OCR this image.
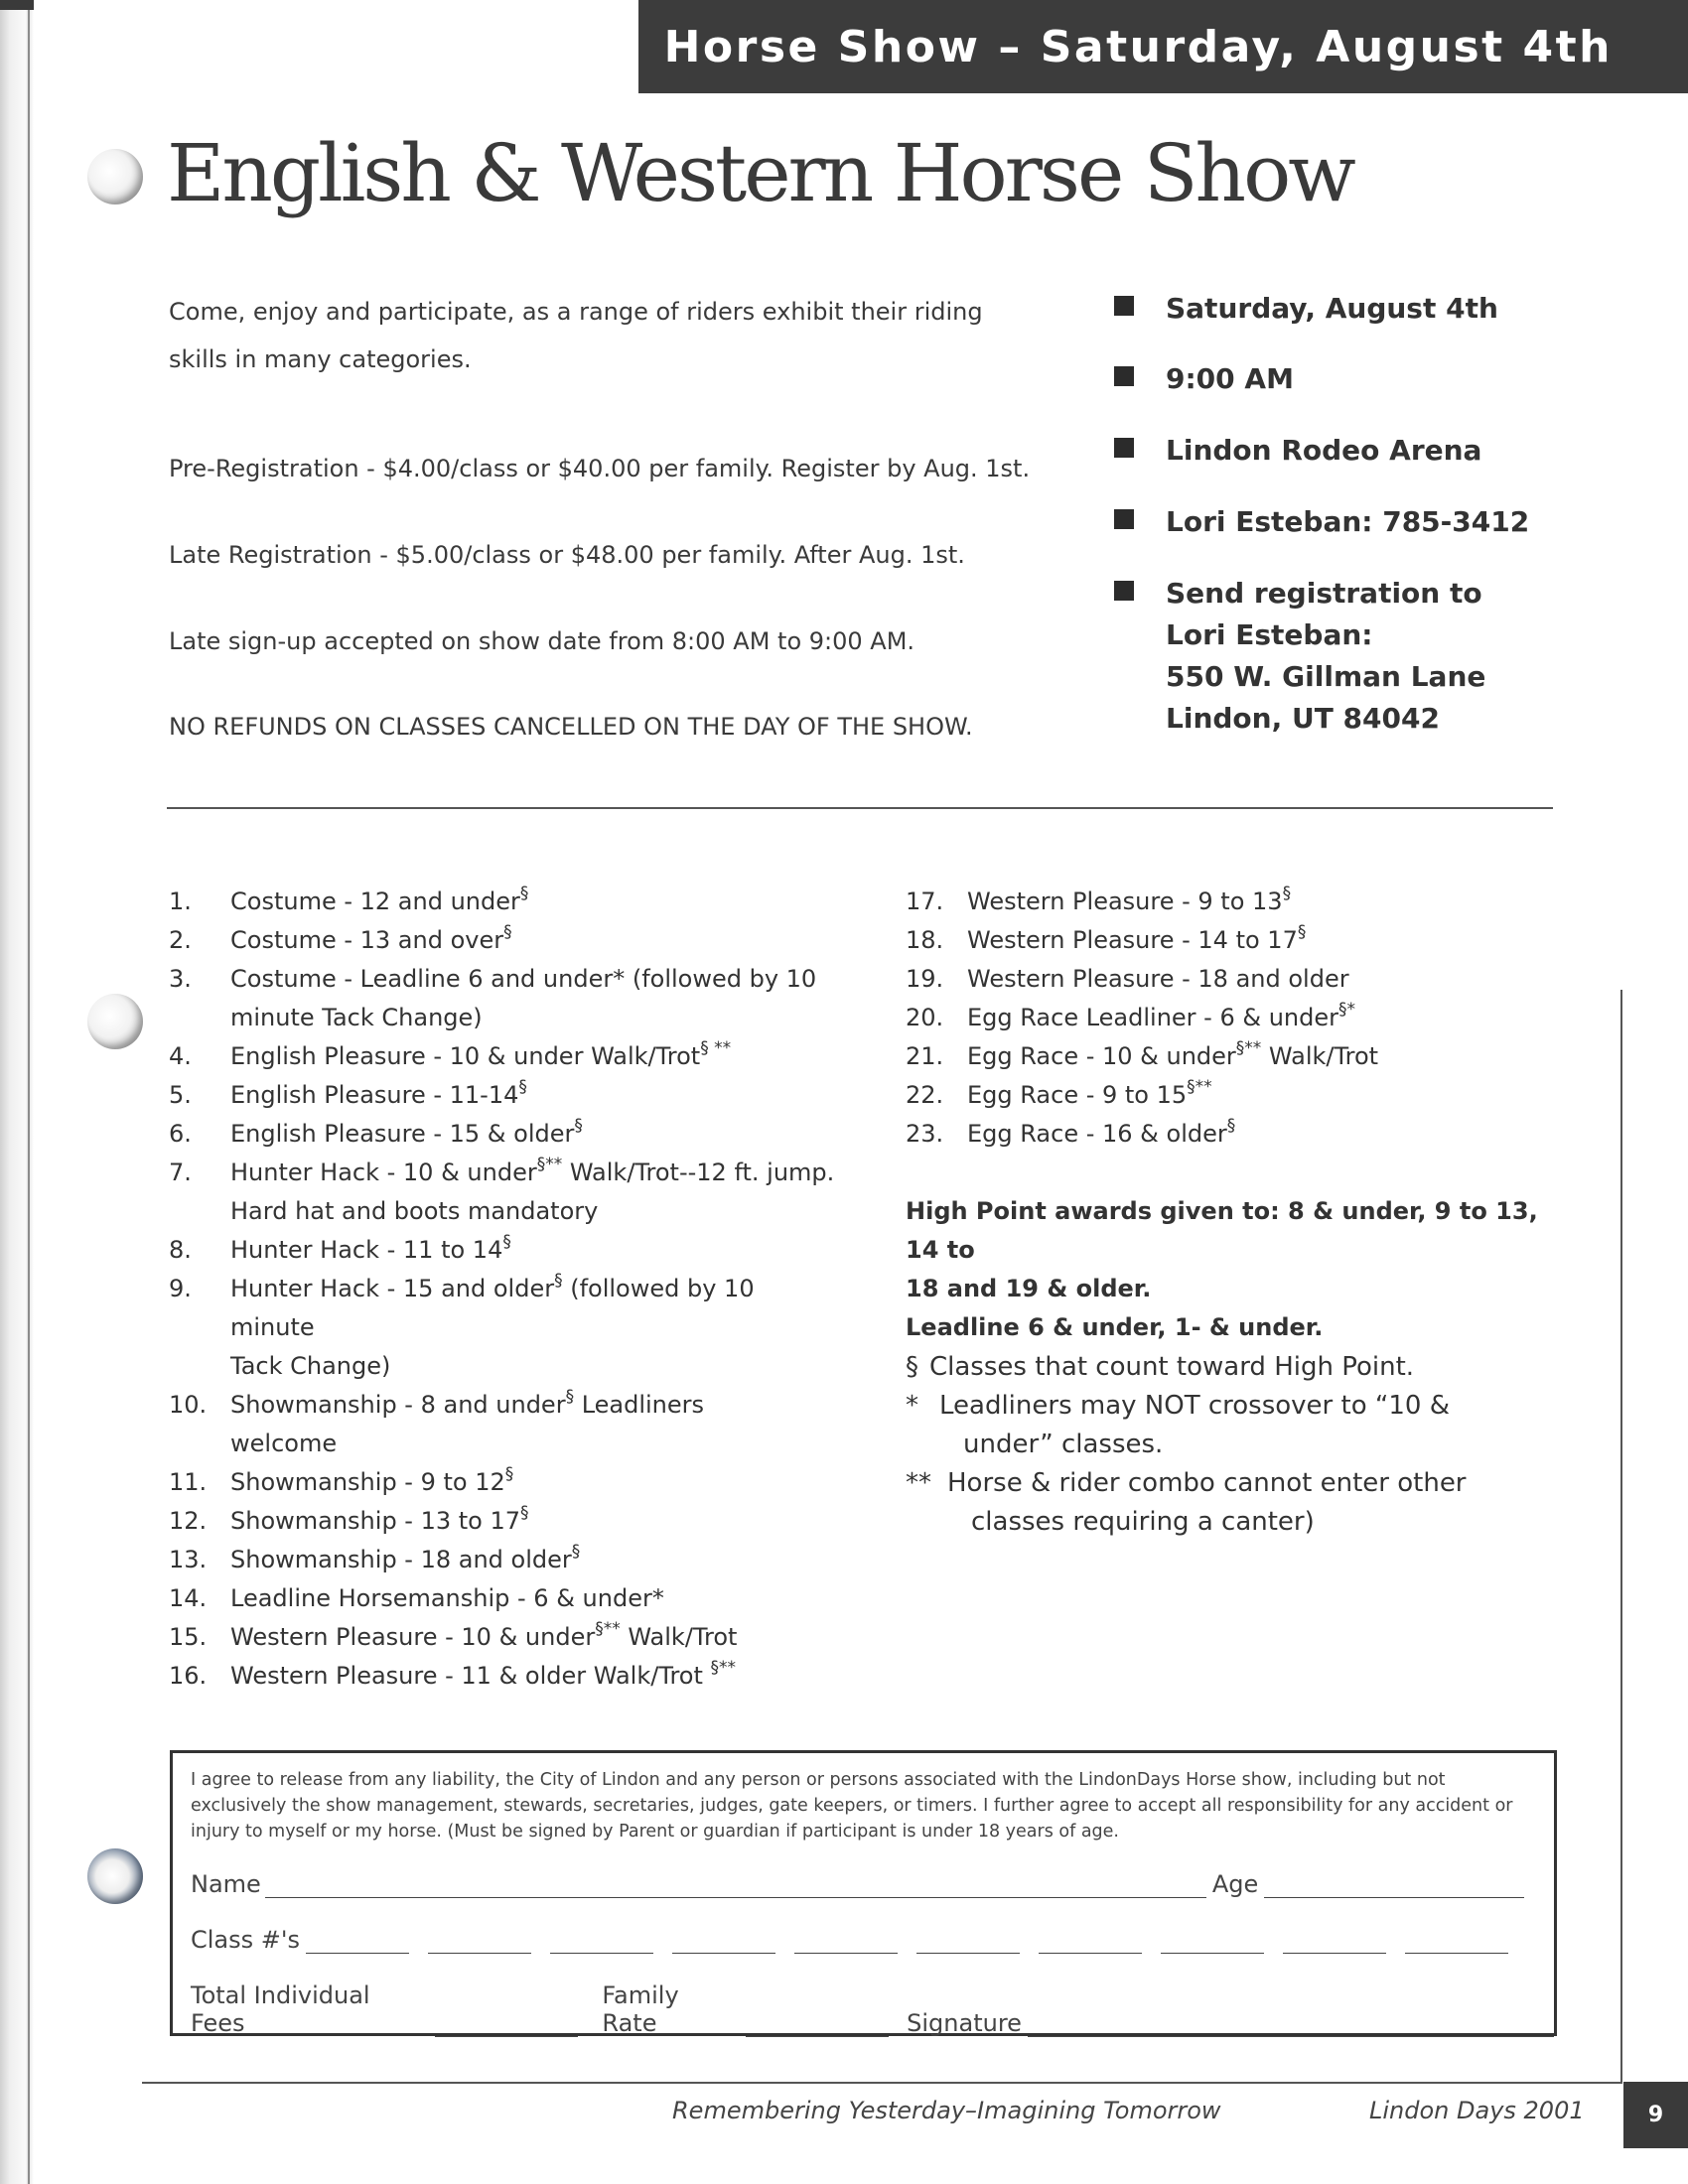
Horse Show – Saturday, August 4th
English & Western Horse Show
Come, enjoy and participate, as a range of riders exhibit their riding skills in many categories.
Pre-Registration - $4.00/class or $40.00 per family. Register by Aug. 1st.
Late Registration - $5.00/class or $48.00 per family. After Aug. 1st.
Late sign-up accepted on show date from 8:00 AM to 9:00 AM.
NO REFUNDS ON CLASSES CANCELLED ON THE DAY OF THE SHOW.
Saturday, August 4th
9:00 AM
Lindon Rodeo Arena
Lori Esteban: 785-3412
Send registration to
Lori Esteban:
550 W. Gillman Lane
Lindon, UT 84042
1.	Costume - 12 and under§
2.	Costume - 13 and over§
3.	Costume - Leadline 6 and under* (followed by 10
minute Tack Change)
4.	English Pleasure - 10 & under Walk/Trot§ **
5.	English Pleasure - 11-14§
6.	English Pleasure - 15 & older§
7.	Hunter Hack - 10 & under§** Walk/Trot--12 ft. jump.
Hard hat and boots mandatory
8.	Hunter Hack - 11 to 14§
9.	Hunter Hack - 15 and older§ (followed by 10 minute
Tack Change)
10. Showmanship - 8 and under§ Leadliners
welcome
11. Showmanship - 9 to 12§
12. Showmanship - 13 to 17§
13. Showmanship - 18 and older§
14. Leadline Horsemanship - 6 & under*
15. Western Pleasure - 10 & under§** Walk/Trot
16. Western Pleasure - 11 & older Walk/Trot §**
17. Western Pleasure - 9 to 13§
18. Western Pleasure - 14 to 17§
19. Western Pleasure - 18 and older
20. Egg Race Leadliner - 6 & under§*
21. Egg Race - 10 & under§** Walk/Trot
22. Egg Race - 9 to 15§**
23. Egg Race - 16 & older§
High Point awards given to: 8 & under, 9 to 13, 14 to
18 and 19 & older.
Leadline 6 & under, 1- & under.
§ Classes that count toward High Point.
* Leadliners may NOT crossover to “10 &
under” classes.
** Horse & rider combo cannot enter other
classes requiring a canter)
I agree to release from any liability, the City of Lindon and any person or persons associated with the LindonDays Horse show, including but not exclusively the show management, stewards, secretaries, judges, gate keepers, or timers. I further agree to accept all responsibility for any accident or injury to myself or my horse. (Must be signed by Parent or guardian if participant is under 18 years of age.
Name	Age
Class #'s
Total Individual Fees
Family Rate	Signature
Remembering Yesterday–Imagining Tomorrow	Lindon Days 2001	9
